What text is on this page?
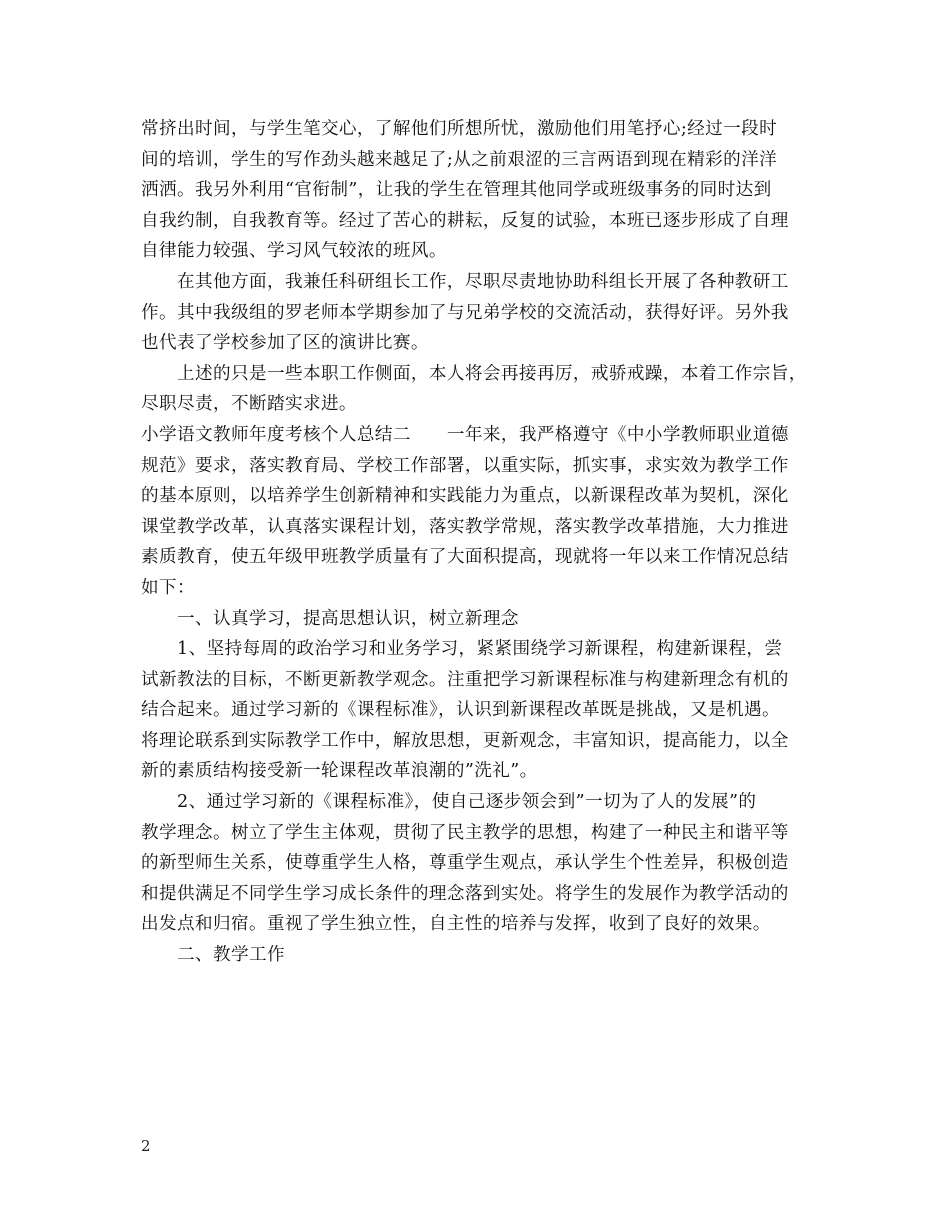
常挤出时间，与学生笔交心，了解他们所想所忧，激励他们用笔抒心;经过一段时
间的培训，学生的写作劲头越来越足了;从之前艰涩的三言两语到现在精彩的洋洋
洒洒。我另外利用“官衔制”，让我的学生在管理其他同学或班级事务的同时达到
自我约制，自我教育等。经过了苦心的耕耘，反复的试验，本班已逐步形成了自理
自律能力较强、学习风气较浓的班风。
在其他方面，我兼任科研组长工作，尽职尽责地协助科组长开展了各种教研工
作。其中我级组的罗老师本学期参加了与兄弟学校的交流活动，获得好评。另外我
也代表了学校参加了区的演讲比赛。
上述的只是一些本职工作侧面，本人将会再接再厉，戒骄戒躁，本着工作宗旨，
尽职尽责，不断踏实求进。
小学语文教师年度考核个人总结二　　一年来，我严格遵守《中小学教师职业道德
规范》要求，落实教育局、学校工作部署，以重实际，抓实事，求实效为教学工作
的基本原则，以培养学生创新精神和实践能力为重点，以新课程改革为契机，深化
课堂教学改革，认真落实课程计划，落实教学常规，落实教学改革措施，大力推进
素质教育，使五年级甲班教学质量有了大面积提高，现就将一年以来工作情况总结
如下：
一、认真学习，提高思想认识，树立新理念
1、坚持每周的政治学习和业务学习，紧紧围绕学习新课程，构建新课程，尝
试新教法的目标，不断更新教学观念。注重把学习新课程标准与构建新理念有机的
结合起来。通过学习新的《课程标准》，认识到新课程改革既是挑战，又是机遇。
将理论联系到实际教学工作中，解放思想，更新观念，丰富知识，提高能力，以全
新的素质结构接受新一轮课程改革浪潮的”洗礼”。
2、通过学习新的《课程标准》，使自己逐步领会到”一切为了人的发展”的
教学理念。树立了学生主体观，贯彻了民主教学的思想，构建了一种民主和谐平等
的新型师生关系，使尊重学生人格，尊重学生观点，承认学生个性差异，积极创造
和提供满足不同学生学习成长条件的理念落到实处。将学生的发展作为教学活动的
出发点和归宿。重视了学生独立性，自主性的培养与发挥，收到了良好的效果。
二、教学工作
2
